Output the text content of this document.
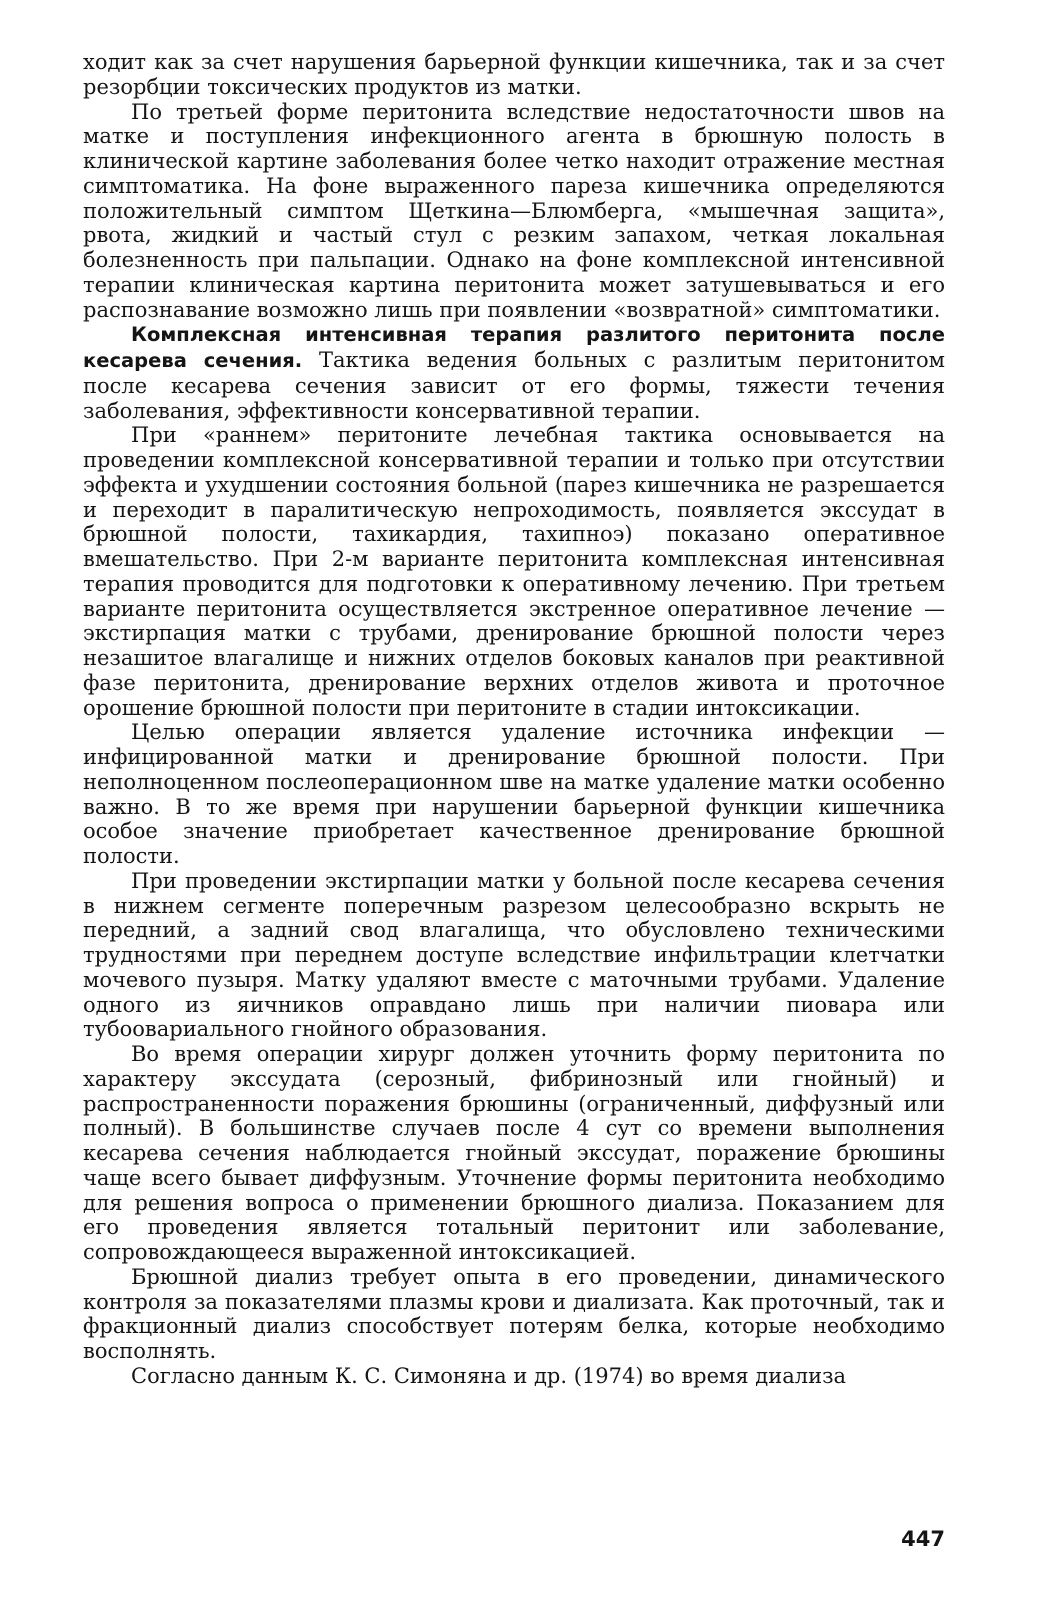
ходит как за счет нарушения барьерной функции кишечника, так и за счет резорбции токсических продуктов из матки.

По третьей форме перитонита вследствие недостаточности швов на матке и поступления инфекционного агента в брюшную полость в клинической картине заболевания более четко находит отражение местная симптоматика. На фоне выраженного пареза кишечника определяются положительный симптом Щеткина—Блюмберга, «мышечная защита», рвота, жидкий и частый стул с резким запахом, четкая локальная болезненность при пальпации. Однако на фоне комплексной интенсивной терапии клиническая картина перитонита может затушевываться и его распознавание возможно лишь при появлении «возвратной» симптоматики.

Комплексная интенсивная терапия разлитого перитонита после кесарева сечения. Тактика ведения больных с разлитым перитонитом после кесарева сечения зависит от его формы, тяжести течения заболевания, эффективности консервативной терапии.

При «раннем» перитоните лечебная тактика основывается на проведении комплексной консервативной терапии и только при отсутствии эффекта и ухудшении состояния больной (парез кишечника не разрешается и переходит в паралитическую непроходимость, появляется экссудат в брюшной полости, тахикардия, тахипноэ) показано оперативное вмешательство. При 2-м варианте перитонита комплексная интенсивная терапия проводится для подготовки к оперативному лечению. При третьем варианте перитонита осуществляется экстренное оперативное лечение — экстирпация матки с трубами, дренирование брюшной полости через незашитое влагалище и нижних отделов боковых каналов при реактивной фазе перитонита, дренирование верхних отделов живота и проточное орошение брюшной полости при перитоните в стадии интоксикации.

Целью операции является удаление источника инфекции — инфицированной матки и дренирование брюшной полости. При неполноценном послеоперационном шве на матке удаление матки особенно важно. В то же время при нарушении барьерной функции кишечника особое значение приобретает качественное дренирование брюшной полости.

При проведении экстирпации матки у больной после кесарева сечения в нижнем сегменте поперечным разрезом целесообразно вскрыть не передний, а задний свод влагалища, что обусловлено техническими трудностями при переднем доступе вследствие инфильтрации клетчатки мочевого пузыря. Матку удаляют вместе с маточными трубами. Удаление одного из яичников оправдано лишь при наличии пиовара или тубоовариального гнойного образования.

Во время операции хирург должен уточнить форму перитонита по характеру экссудата (серозный, фибринозный или гнойный) и распространенности поражения брюшины (ограниченный, диффузный или полный). В большинстве случаев после 4 сут со времени выполнения кесарева сечения наблюдается гнойный экссудат, поражение брюшины чаще всего бывает диффузным. Уточнение формы перитонита необходимо для решения вопроса о применении брюшного диализа. Показанием для его проведения является тотальный перитонит или заболевание, сопровождающееся выраженной интоксикацией.

Брюшной диализ требует опыта в его проведении, динамического контроля за показателями плазмы крови и диализата. Как проточный, так и фракционный диализ способствует потерям белка, которые необходимо восполнять.

Согласно данным К. С. Симоняна и др. (1974) во время диализа

447
